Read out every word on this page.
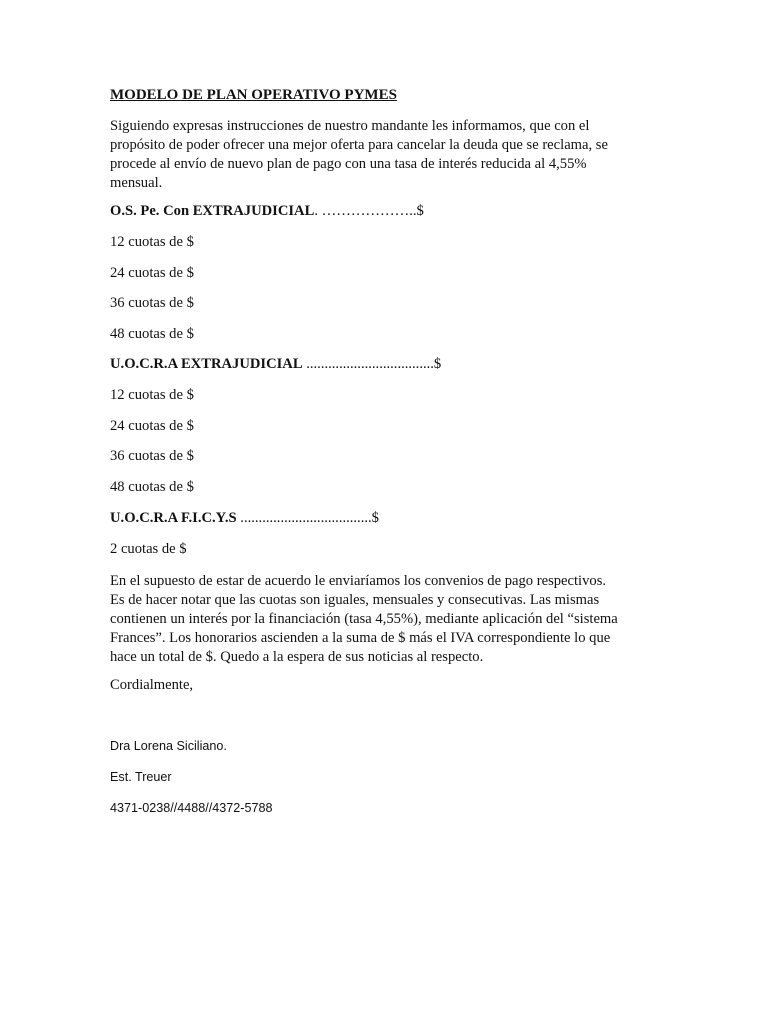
MODELO DE PLAN OPERATIVO PYMES

Siguiendo expresas instrucciones de nuestro mandante les informamos, que con el
propósito de poder ofrecer una mejor oferta para cancelar la deuda que se reclama, se
procede al envío de nuevo plan de pago con una tasa de interés reducida al 4,55%
mensual.

O.S. Pe. Con EXTRAJUDICIAL. ………………..$

12 cuotas de $

24 cuotas de $

36 cuotas de $

48 cuotas de $

U.O.C.R.A EXTRAJUDICIAL ...................................$

12 cuotas de $

24 cuotas de $

36 cuotas de $

48 cuotas de $

U.O.C.R.A F.I.C.Y.S ....................................$

2 cuotas de $

En el supuesto de estar de acuerdo le enviaríamos los convenios de pago respectivos.
Es de hacer notar que las cuotas son iguales, mensuales y consecutivas. Las mismas
contienen un interés por la financiación (tasa 4,55%), mediante aplicación del “sistema
Frances”. Los honorarios ascienden a la suma de $ más el IVA correspondiente lo que
hace un total de $. Quedo a la espera de sus noticias al respecto.

Cordialmente,

Dra Lorena Siciliano.

Est. Treuer

4371-0238//4488//4372-5788
